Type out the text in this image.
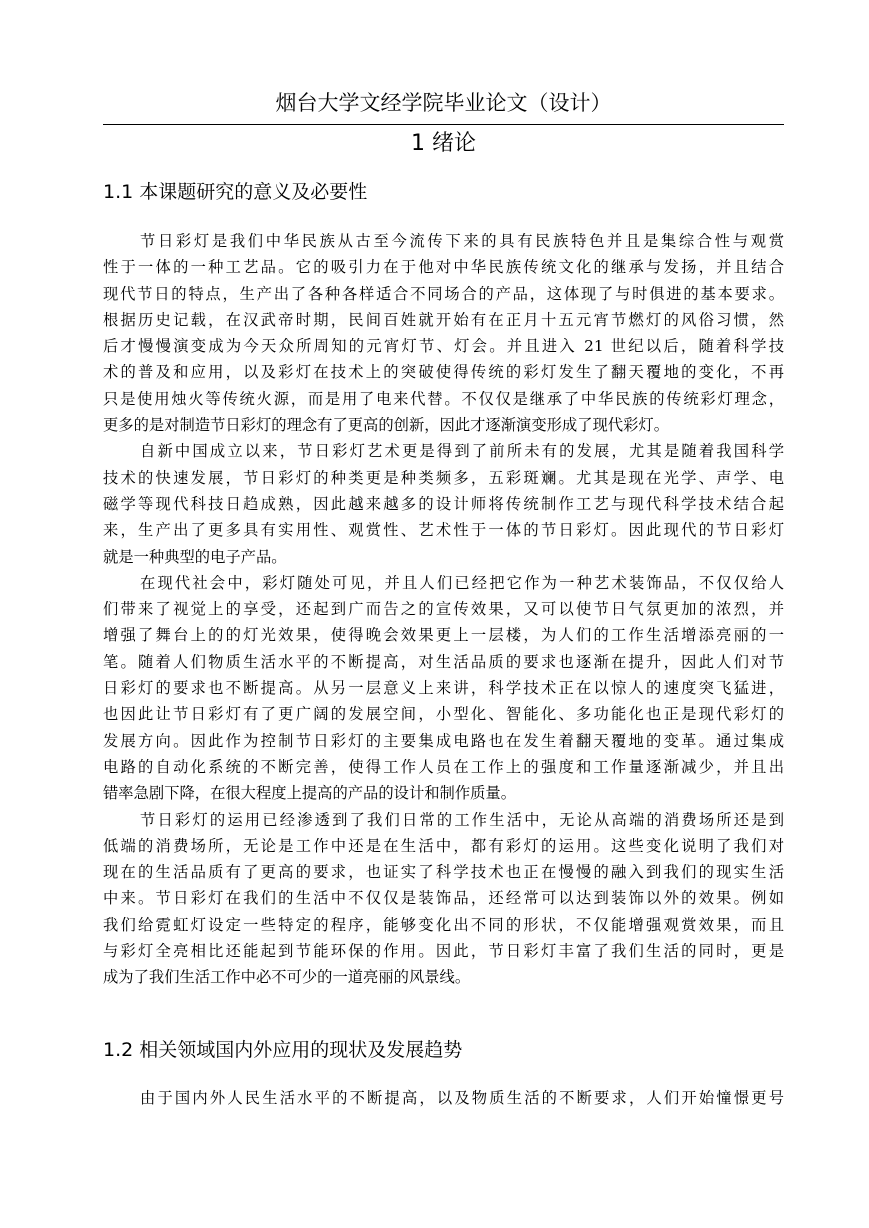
烟台大学文经学院毕业论文（设计）
1 绪论
1.1 本课题研究的意义及必要性
节日彩灯是我们中华民族从古至今流传下来的具有民族特色并且是集综合性与观赏
性于一体的一种工艺品。它的吸引力在于他对中华民族传统文化的继承与发扬，并且结合
现代节日的特点，生产出了各种各样适合不同场合的产品，这体现了与时俱进的基本要求。
根据历史记载，在汉武帝时期，民间百姓就开始有在正月十五元宵节燃灯的风俗习惯，然
后才慢慢演变成为今天众所周知的元宵灯节、灯会。并且进入 21 世纪以后，随着科学技
术的普及和应用，以及彩灯在技术上的突破使得传统的彩灯发生了翻天覆地的变化，不再
只是使用烛火等传统火源，而是用了电来代替。不仅仅是继承了中华民族的传统彩灯理念，
更多的是对制造节日彩灯的理念有了更高的创新，因此才逐渐演变形成了现代彩灯。
自新中国成立以来，节日彩灯艺术更是得到了前所未有的发展，尤其是随着我国科学
技术的快速发展，节日彩灯的种类更是种类频多，五彩斑斓。尤其是现在光学、声学、电
磁学等现代科技日趋成熟，因此越来越多的设计师将传统制作工艺与现代科学技术结合起
来，生产出了更多具有实用性、观赏性、艺术性于一体的节日彩灯。因此现代的节日彩灯
就是一种典型的电子产品。
在现代社会中，彩灯随处可见，并且人们已经把它作为一种艺术装饰品，不仅仅给人
们带来了视觉上的享受，还起到广而告之的宣传效果，又可以使节日气氛更加的浓烈，并
增强了舞台上的的灯光效果，使得晚会效果更上一层楼，为人们的工作生活增添亮丽的一
笔。随着人们物质生活水平的不断提高，对生活品质的要求也逐渐在提升，因此人们对节
日彩灯的要求也不断提高。从另一层意义上来讲，科学技术正在以惊人的速度突飞猛进，
也因此让节日彩灯有了更广阔的发展空间，小型化、智能化、多功能化也正是现代彩灯的
发展方向。因此作为控制节日彩灯的主要集成电路也在发生着翻天覆地的变革。通过集成
电路的自动化系统的不断完善，使得工作人员在工作上的强度和工作量逐渐减少，并且出
错率急剧下降，在很大程度上提高的产品的设计和制作质量。
节日彩灯的运用已经渗透到了我们日常的工作生活中，无论从高端的消费场所还是到
低端的消费场所，无论是工作中还是在生活中，都有彩灯的运用。这些变化说明了我们对
现在的生活品质有了更高的要求，也证实了科学技术也正在慢慢的融入到我们的现实生活
中来。节日彩灯在我们的生活中不仅仅是装饰品，还经常可以达到装饰以外的效果。例如
我们给霓虹灯设定一些特定的程序，能够变化出不同的形状，不仅能增强观赏效果，而且
与彩灯全亮相比还能起到节能环保的作用。因此，节日彩灯丰富了我们生活的同时，更是
成为了我们生活工作中必不可少的一道亮丽的风景线。
1.2 相关领域国内外应用的现状及发展趋势
由于国内外人民生活水平的不断提高，以及物质生活的不断要求，人们开始憧憬更号
